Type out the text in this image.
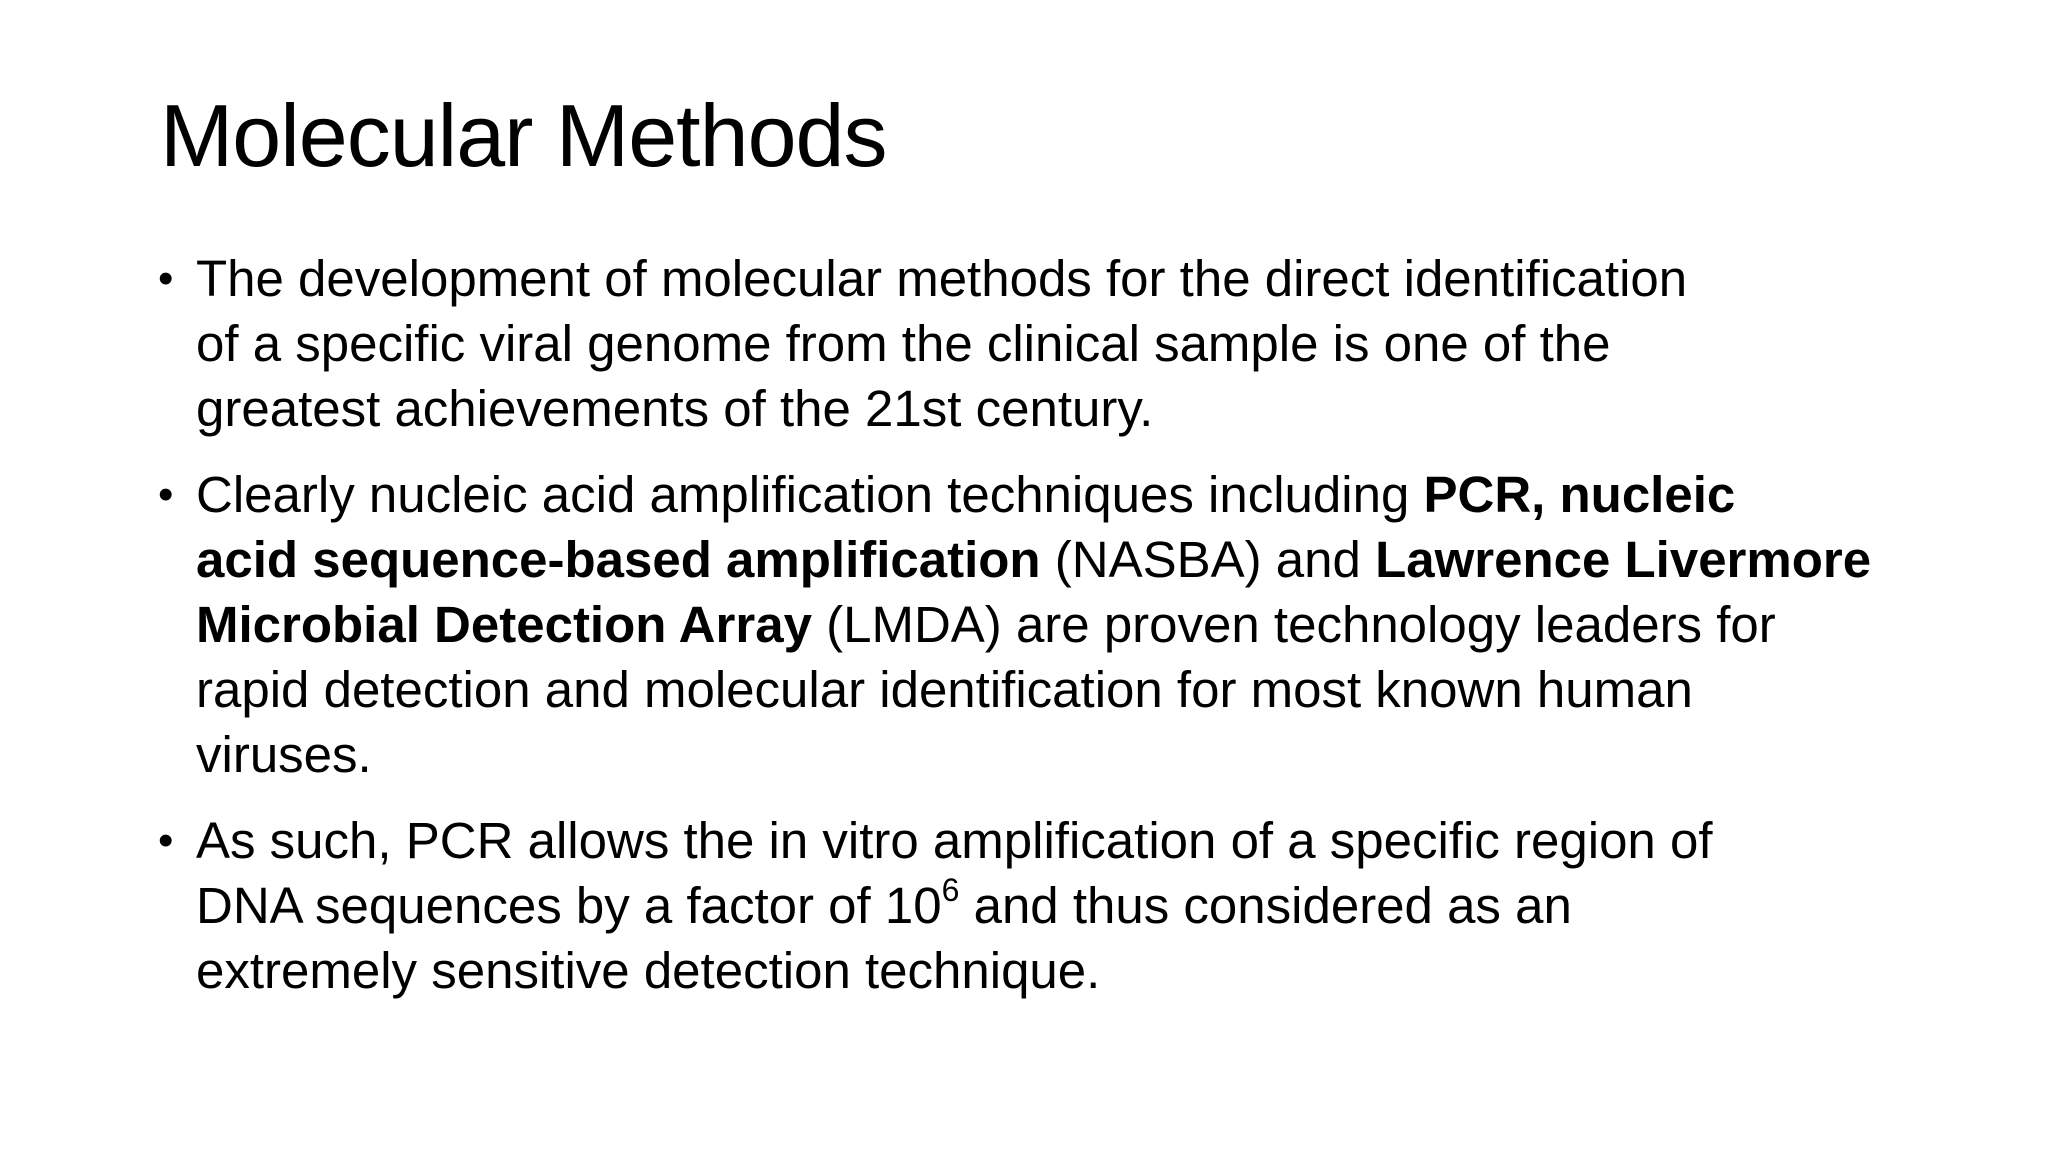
Molecular Methods
• The development of molecular methods for the direct identification
of a specific viral genome from the clinical sample is one of the
greatest achievements of the 21st century.
• Clearly nucleic acid amplification techniques including PCR, nucleic
acid sequence-based amplification (NASBA) and Lawrence Livermore
Microbial Detection Array (LMDA) are proven technology leaders for
rapid detection and molecular identification for most known human
viruses.
• As such, PCR allows the in vitro amplification of a specific region of
DNA sequences by a factor of $10^6$ and thus considered as an
extremely sensitive detection technique.
